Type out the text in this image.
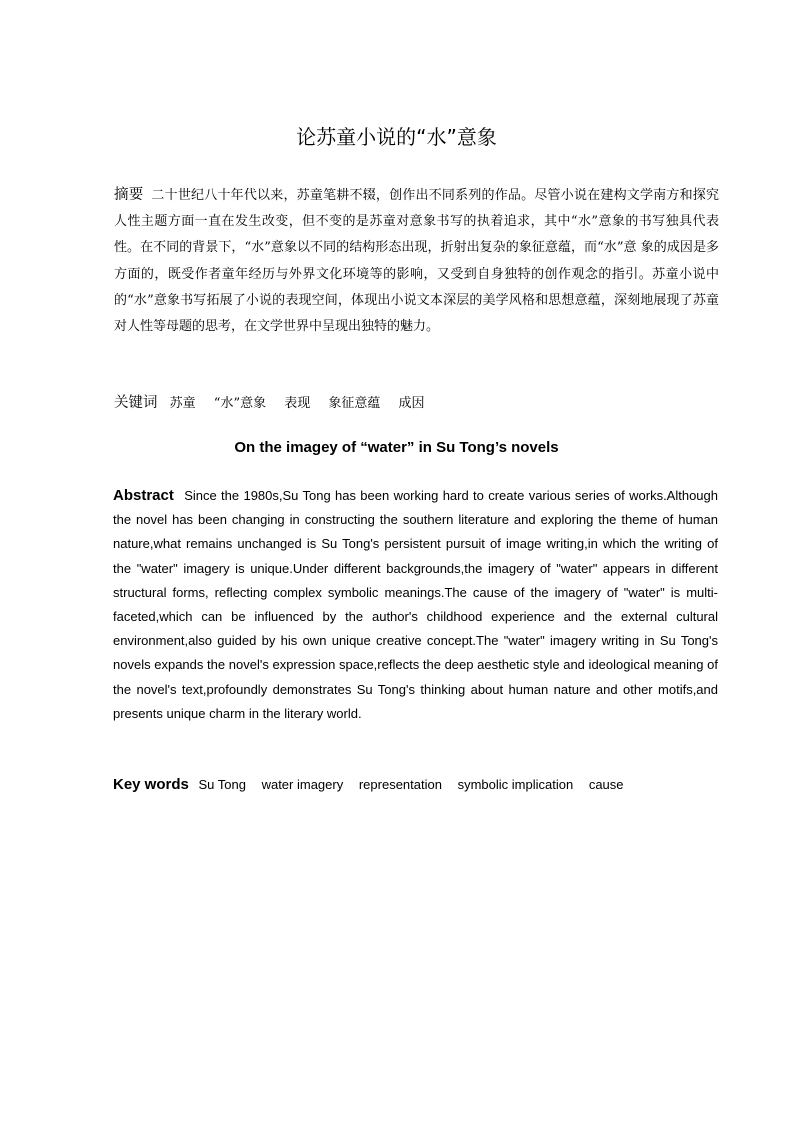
论苏童小说的“水”意象
摘要 二十世纪八十年代以来，苏童笔耕不辍，创作出不同系列的作品。尽管小说在建构文学南方和探究人性主题方面一直在发生改变，但不变的是苏童对意象书写的执着追求，其中“水”意象的书写独具代表性。在不同的背景下，“水”意象以不同的结构形态出现，折射出复杂的象征意蕴，而“水”意 象的成因是多方面的，既受作者童年经历与外界文化环境等的影响，又受到自身独特的创作观念的指引。苏童小说中的“水”意象书写拓展了小说的表现空间，体现出小说文本深层的美学风格和思想意蕴，深刻地展现了苏童对人性等母题的思考，在文学世界中呈现出独特的魅力。
关键词 苏童 “水”意象 表现 象征意蕴 成因
On the imagey of “water” in Su Tong’s novels
Abstract Since the 1980s,Su Tong has been working hard to create various series of works.Although the novel has been changing in constructing the southern literature and exploring the theme of human nature,what remains unchanged is Su Tong's persistent pursuit of image writing,in which the writing of the "water" imagery is unique.Under different backgrounds,the imagery of "water" appears in different structural forms, reflecting complex symbolic meanings.The cause of the imagery of "water" is multi-faceted,which can be influenced by the author's childhood experience and the external cultural environment,also guided by his own unique creative concept.The "water" imagery writing in Su Tong's novels expands the novel's expression space,reflects the deep aesthetic style and ideological meaning of the novel's text,profoundly demonstrates Su Tong's thinking about human nature and other motifs,and presents unique charm in the literary world.
Key words Su Tong water imagery representation symbolic implication cause
